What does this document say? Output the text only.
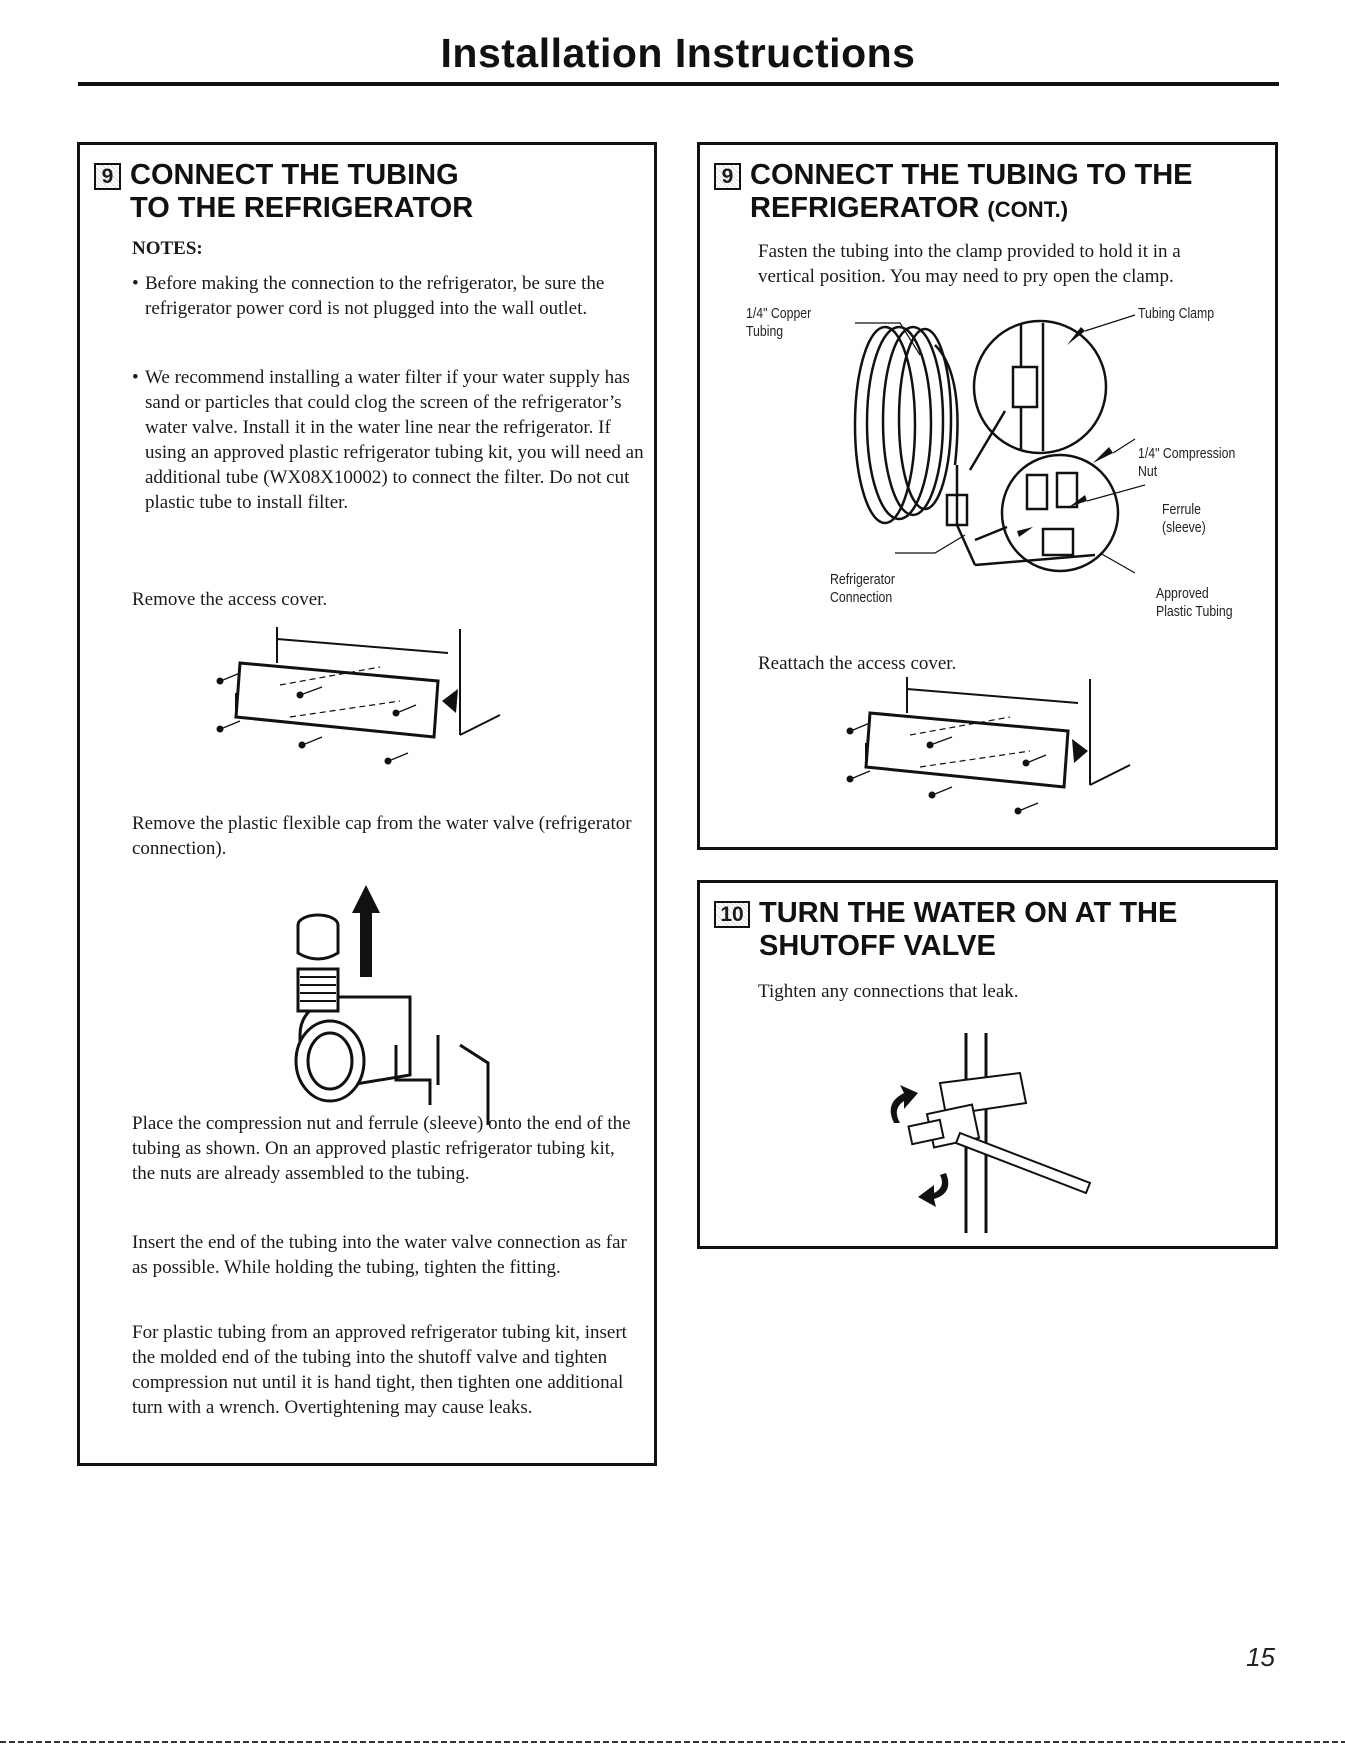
Installation Instructions
9 CONNECT THE TUBING
TO THE REFRIGERATOR

NOTES:

• Before making the connection to the refrigerator, be sure the refrigerator power cord is not plugged into the wall outlet.

• We recommend installing a water filter if your water supply has sand or particles that could clog the screen of the refrigerator’s water valve. Install it in the water line near the refrigerator. If using an approved plastic refrigerator tubing kit, you will need an additional tube (WX08X10002) to connect the filter. Do not cut plastic tube to install filter.

Remove the access cover.

Remove the plastic flexible cap from the water valve (refrigerator connection).

Place the compression nut and ferrule (sleeve) onto the end of the tubing as shown. On an approved plastic refrigerator tubing kit, the nuts are already assembled to the tubing.

Insert the end of the tubing into the water valve connection as far as possible. While holding the tubing, tighten the fitting.

For plastic tubing from an approved refrigerator tubing kit, insert the molded end of the tubing into the shutoff valve and tighten compression nut until it is hand tight, then tighten one additional turn with a wrench. Overtightening may cause leaks.

9 CONNECT THE TUBING TO THE
REFRIGERATOR (CONT.)

Fasten the tubing into the clamp provided to hold it in a vertical position. You may need to pry open the clamp.

1/4" Copper
Tubing
Tubing Clamp
1/4" Compression
Nut
Ferrule
(sleeve)
Refrigerator
Connection	Approved
Plastic Tubing

Reattach the access cover.

10 TURN THE WATER ON AT THE
SHUTOFF VALVE

Tighten any connections that leak.

15
